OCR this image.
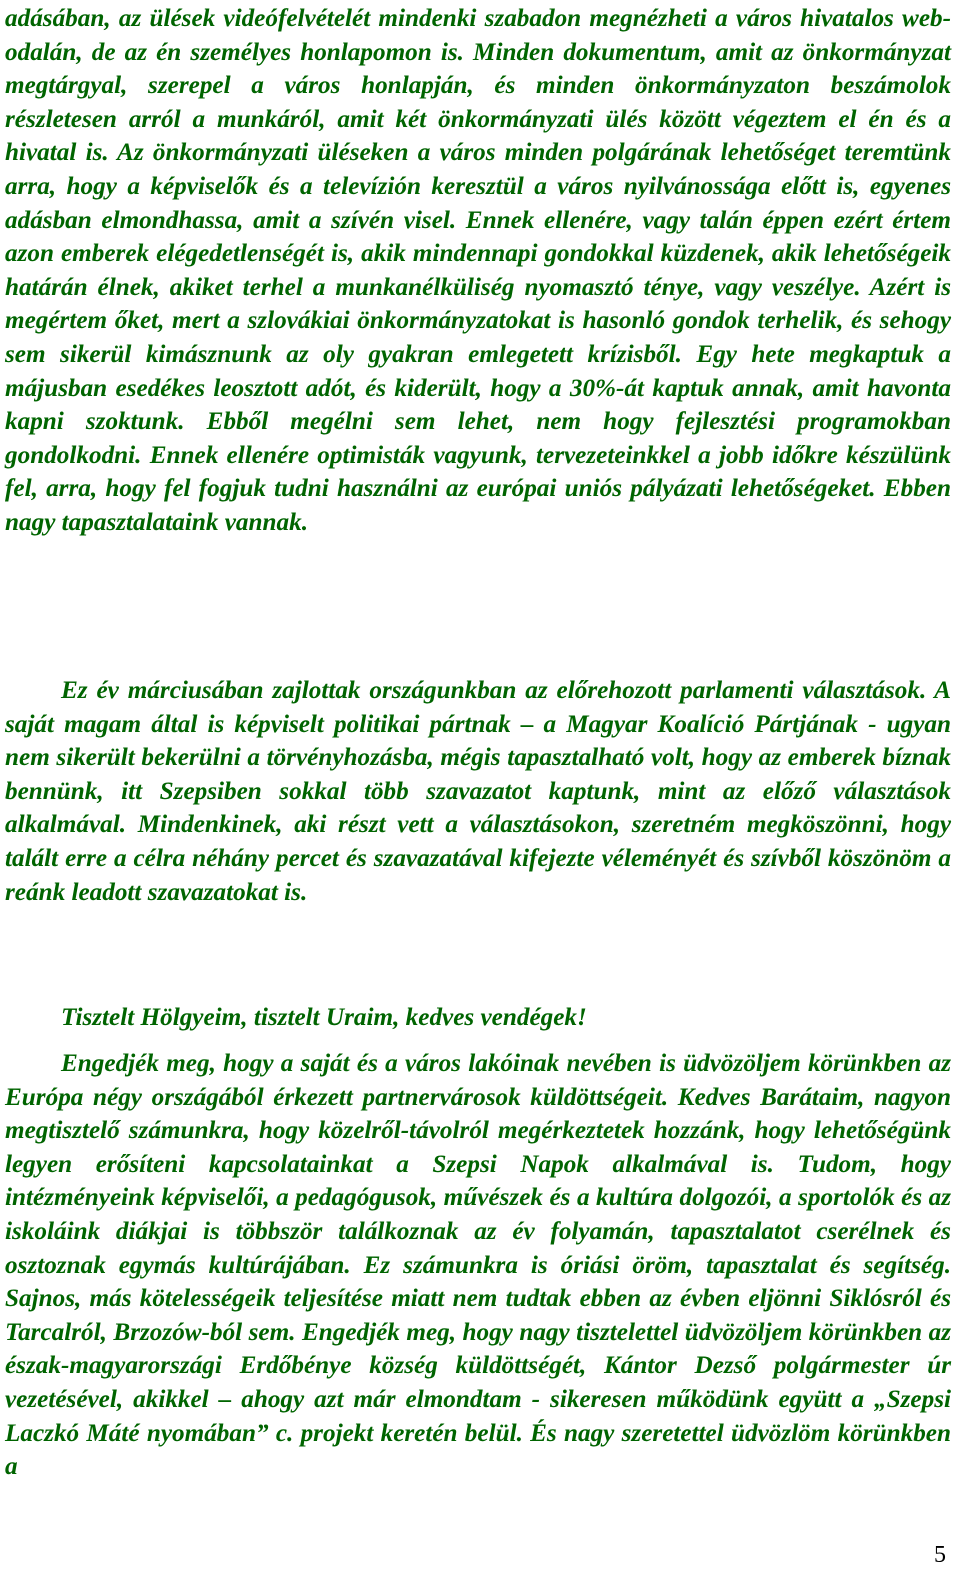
adásában, az ülések videófelvételét mindenki szabadon megnézheti a város hivatalos web-odalán, de az én személyes honlapomon is. Minden dokumentum, amit az önkormányzat megtárgyal, szerepel a város honlapján, és minden önkormányzaton beszámolok részletesen arról a munkáról, amit két önkormányzati ülés között végeztem el én és a hivatal is. Az önkormányzati üléseken a város minden polgárának lehetőséget teremtünk arra, hogy a képviselők és a televízión keresztül a város nyilvánossága előtt is, egyenes adásban elmondhassa, amit a szívén visel. Ennek ellenére, vagy talán éppen ezért értem azon emberek elégedetlenségét is, akik mindennapi gondokkal küzdenek, akik lehetőségeik határán élnek, akiket terhel a munkanélküliség nyomasztó ténye, vagy veszélye. Azért is megértem őket, mert a szlovákiai önkormányzatokat is hasonló gondok terhelik, és sehogy sem sikerül kimásznunk az oly gyakran emlegetett krízisből. Egy hete megkaptuk a májusban esedékes leosztott adót, és kiderült, hogy a 30%-át kaptuk annak, amit havonta kapni szoktunk. Ebből megélni sem lehet, nem hogy fejlesztési programokban gondolkodni. Ennek ellenére optimisták vagyunk, tervezeteinkkel a jobb időkre készülünk fel, arra, hogy fel fogjuk tudni használni az európai uniós pályázati lehetőségeket. Ebben nagy tapasztalataink vannak.

Ez év márciusában zajlottak országunkban az előrehozott parlamenti választások. A saját magam által is képviselt politikai pártnak – a Magyar Koalíció Pártjának - ugyan nem sikerült bekerülni a törvényhozásba, mégis tapasztalható volt, hogy az emberek bíznak bennünk, itt Szepsiben sokkal több szavazatot kaptunk, mint az előző választások alkalmával. Mindenkinek, aki részt vett a választásokon, szeretném megköszönni, hogy talált erre a célra néhány percet és szavazatával kifejezte véleményét és szívből köszönöm a reánk leadott szavazatokat is.

Tisztelt Hölgyeim, tisztelt Uraim, kedves vendégek!

Engedjék meg, hogy a saját és a város lakóinak nevében is üdvözöljem körünkben az Európa négy országából érkezett partnervárosok küldöttségeit. Kedves Barátaim, nagyon megtisztelő számunkra, hogy közelről-távolról megérkeztetek hozzánk, hogy lehetőségünk legyen erősíteni kapcsolatainkat a Szepsi Napok alkalmával is. Tudom, hogy intézményeink képviselői, a pedagógusok, művészek és a kultúra dolgozói, a sportolók és az iskoláink diákjai is többször találkoznak az év folyamán, tapasztalatot cserélnek és osztoznak egymás kultúrájában. Ez számunkra is óriási öröm, tapasztalat és segítség. Sajnos, más kötelességeik teljesítése miatt nem tudtak ebben az évben eljönni Siklósról és Tarcalról, Brzozów-ból sem. Engedjék meg, hogy nagy tisztelettel üdvözöljem körünkben az észak-magyarországi Erdőbénye község küldöttségét, Kántor Dezső polgármester úr vezetésével, akikkel – ahogy azt már elmondtam - sikeresen működünk együtt a „Szepsi Laczkó Máté nyomában” c. projekt keretén belül. És nagy szeretettel üdvözlöm körünkben a

5
